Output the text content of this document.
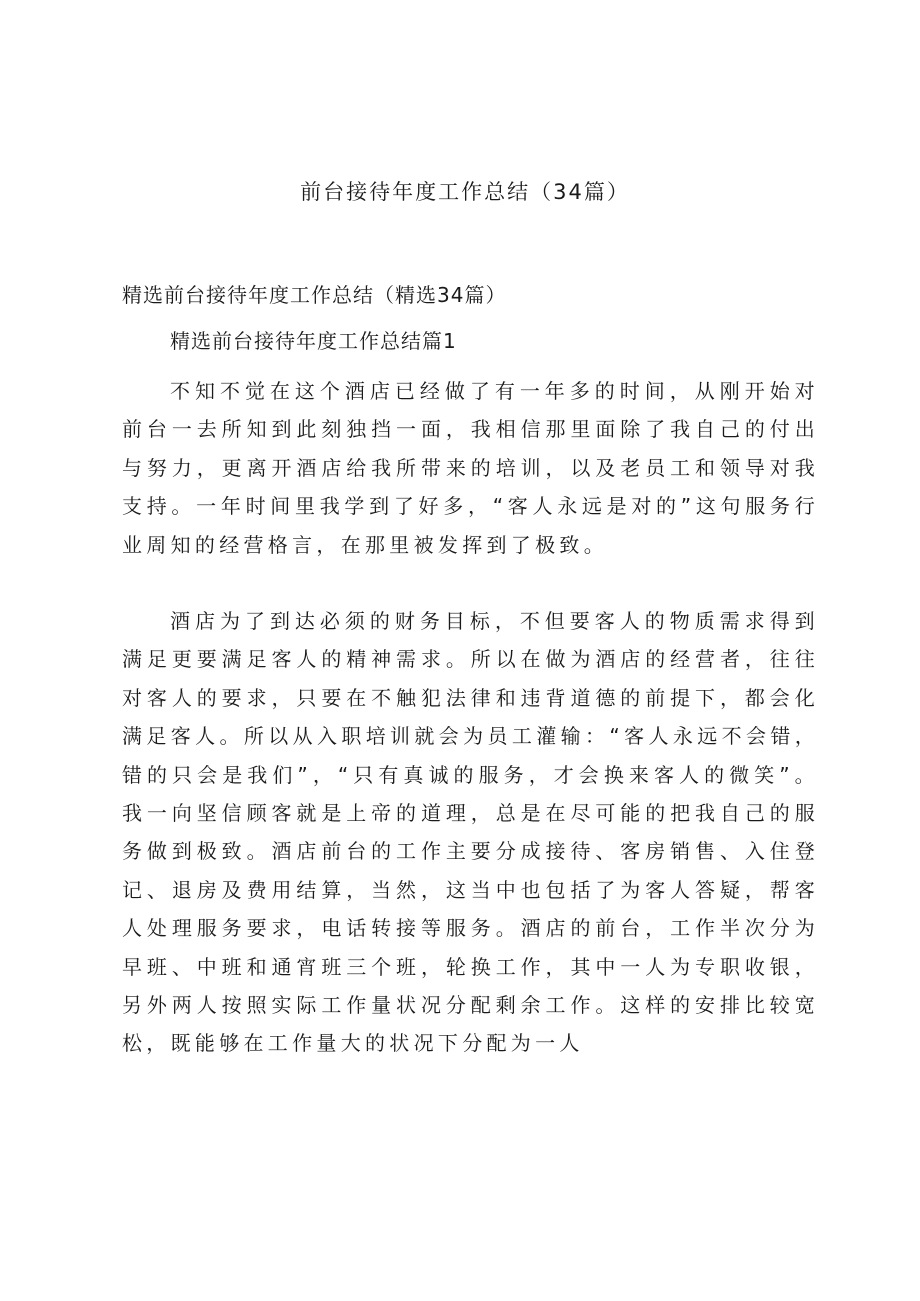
前台接待年度工作总结（34篇）
精选前台接待年度工作总结（精选34篇）
精选前台接待年度工作总结篇1

不知不觉在这个酒店已经做了有一年多的时间，从刚开始对前台一去所知到此刻独挡一面，我相信那里面除了我自己的付出与努力，更离开酒店给我所带来的培训，以及老员工和领导对我支持。一年时间里我学到了好多，“客人永远是对的”这句服务行业周知的经营格言，在那里被发挥到了极致。

酒店为了到达必须的财务目标，不但要客人的物质需求得到满足更要满足客人的精神需求。所以在做为酒店的经营者，往往对客人的要求，只要在不触犯法律和违背道德的前提下，都会化满足客人。所以从入职培训就会为员工灌输：“客人永远不会错，错的只会是我们”，“只有真诚的服务，才会换来客人的微笑”。我一向坚信顾客就是上帝的道理，总是在尽可能的把我自己的服务做到极致。酒店前台的工作主要分成接待、客房销售、入住登记、退房及费用结算，当然，这当中也包括了为客人答疑，帮客人处理服务要求，电话转接等服务。酒店的前台，工作半次分为早班、中班和通宵班三个班，轮换工作，其中一人为专职收银，另外两人按照实际工作量状况分配剩余工作。这样的安排比较宽松，既能够在工作量大的状况下分配为一人
